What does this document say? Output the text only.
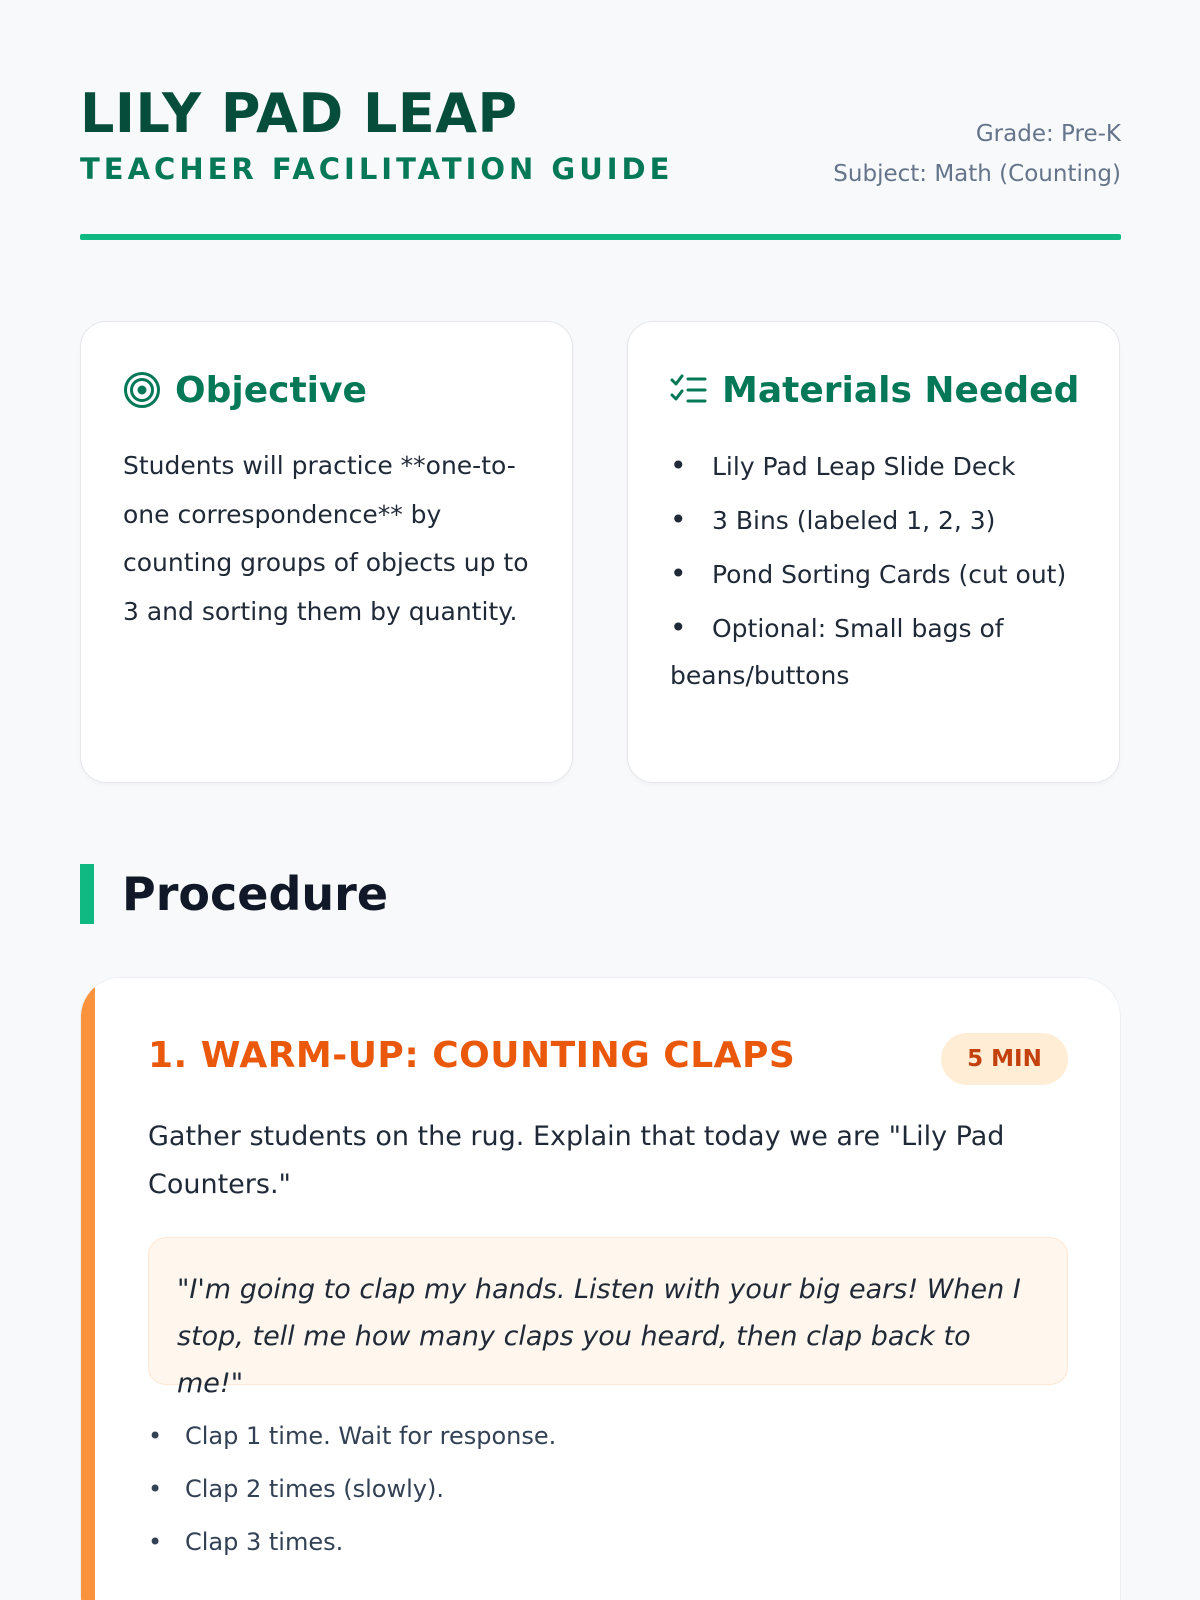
LILY PAD LEAP
TEACHER FACILITATION GUIDE
Grade: Pre-K
Subject: Math (Counting)
Objective

Students will practice **one-to-one correspondence** by counting groups of objects up to 3 and sorting them by quantity.

Materials Needed
• Lily Pad Leap Slide Deck
• 3 Bins (labeled 1, 2, 3)
• Pond Sorting Cards (cut out)
• Optional: Small bags of beans/buttons
Procedure
1. WARM-UP: COUNTING CLAPS	5 MIN

Gather students on the rug. Explain that today we are "Lily Pad Counters."

"I'm going to clap my hands. Listen with your big ears! When I stop, tell me how many claps you heard, then clap back to me!"
• Clap 1 time. Wait for response.
• Clap 2 times (slowly).
• Clap 3 times.
